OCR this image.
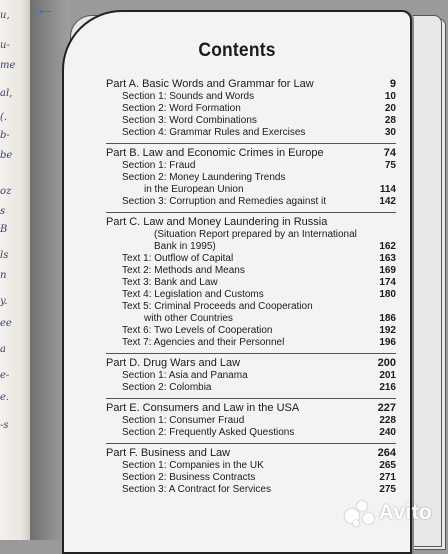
u,
u-
me
al,
(.
b-
be
oz
s
B
ls
n
y.
ee
a
e-
e.
-s
←
Contents
Part A. Basic Words and Grammar for Law	9
Section 1: Sounds and Words	10
Section 2: Word Formation	20
Section 3: Word Combinations	28
Section 4: Grammar Rules and Exercises	30
Part B. Law and Economic Crimes in Europe	74
Section 1: Fraud	75
Section 2: Money Laundering Trends
in the European Union	114
Section 3: Corruption and Remedies against it	142
Part C. Law and Money Laundering in Russia
(Situation Report prepared by an International
Bank in 1995)	162
Text 1: Outflow of Capital	163
Text 2: Methods and Means	169
Text 3: Bank and Law	174
Text 4: Legislation and Customs	180
Text 5: Criminal Proceeds and Cooperation
with other Countries	186
Text 6: Two Levels of Cooperation	192
Text 7: Agencies and their Personnel	196
Part D. Drug Wars and Law	200
Section 1: Asia and Panama	201
Section 2: Colombia	216
Part E. Consumers and Law in the USA	227
Section 1: Consumer Fraud	228
Section 2: Frequently Asked Questions	240
Part F. Business and Law	264
Section 1: Companies in the UK	265
Section 2: Business Contracts	271
Section 3: A Contract for Services	275
Avito
